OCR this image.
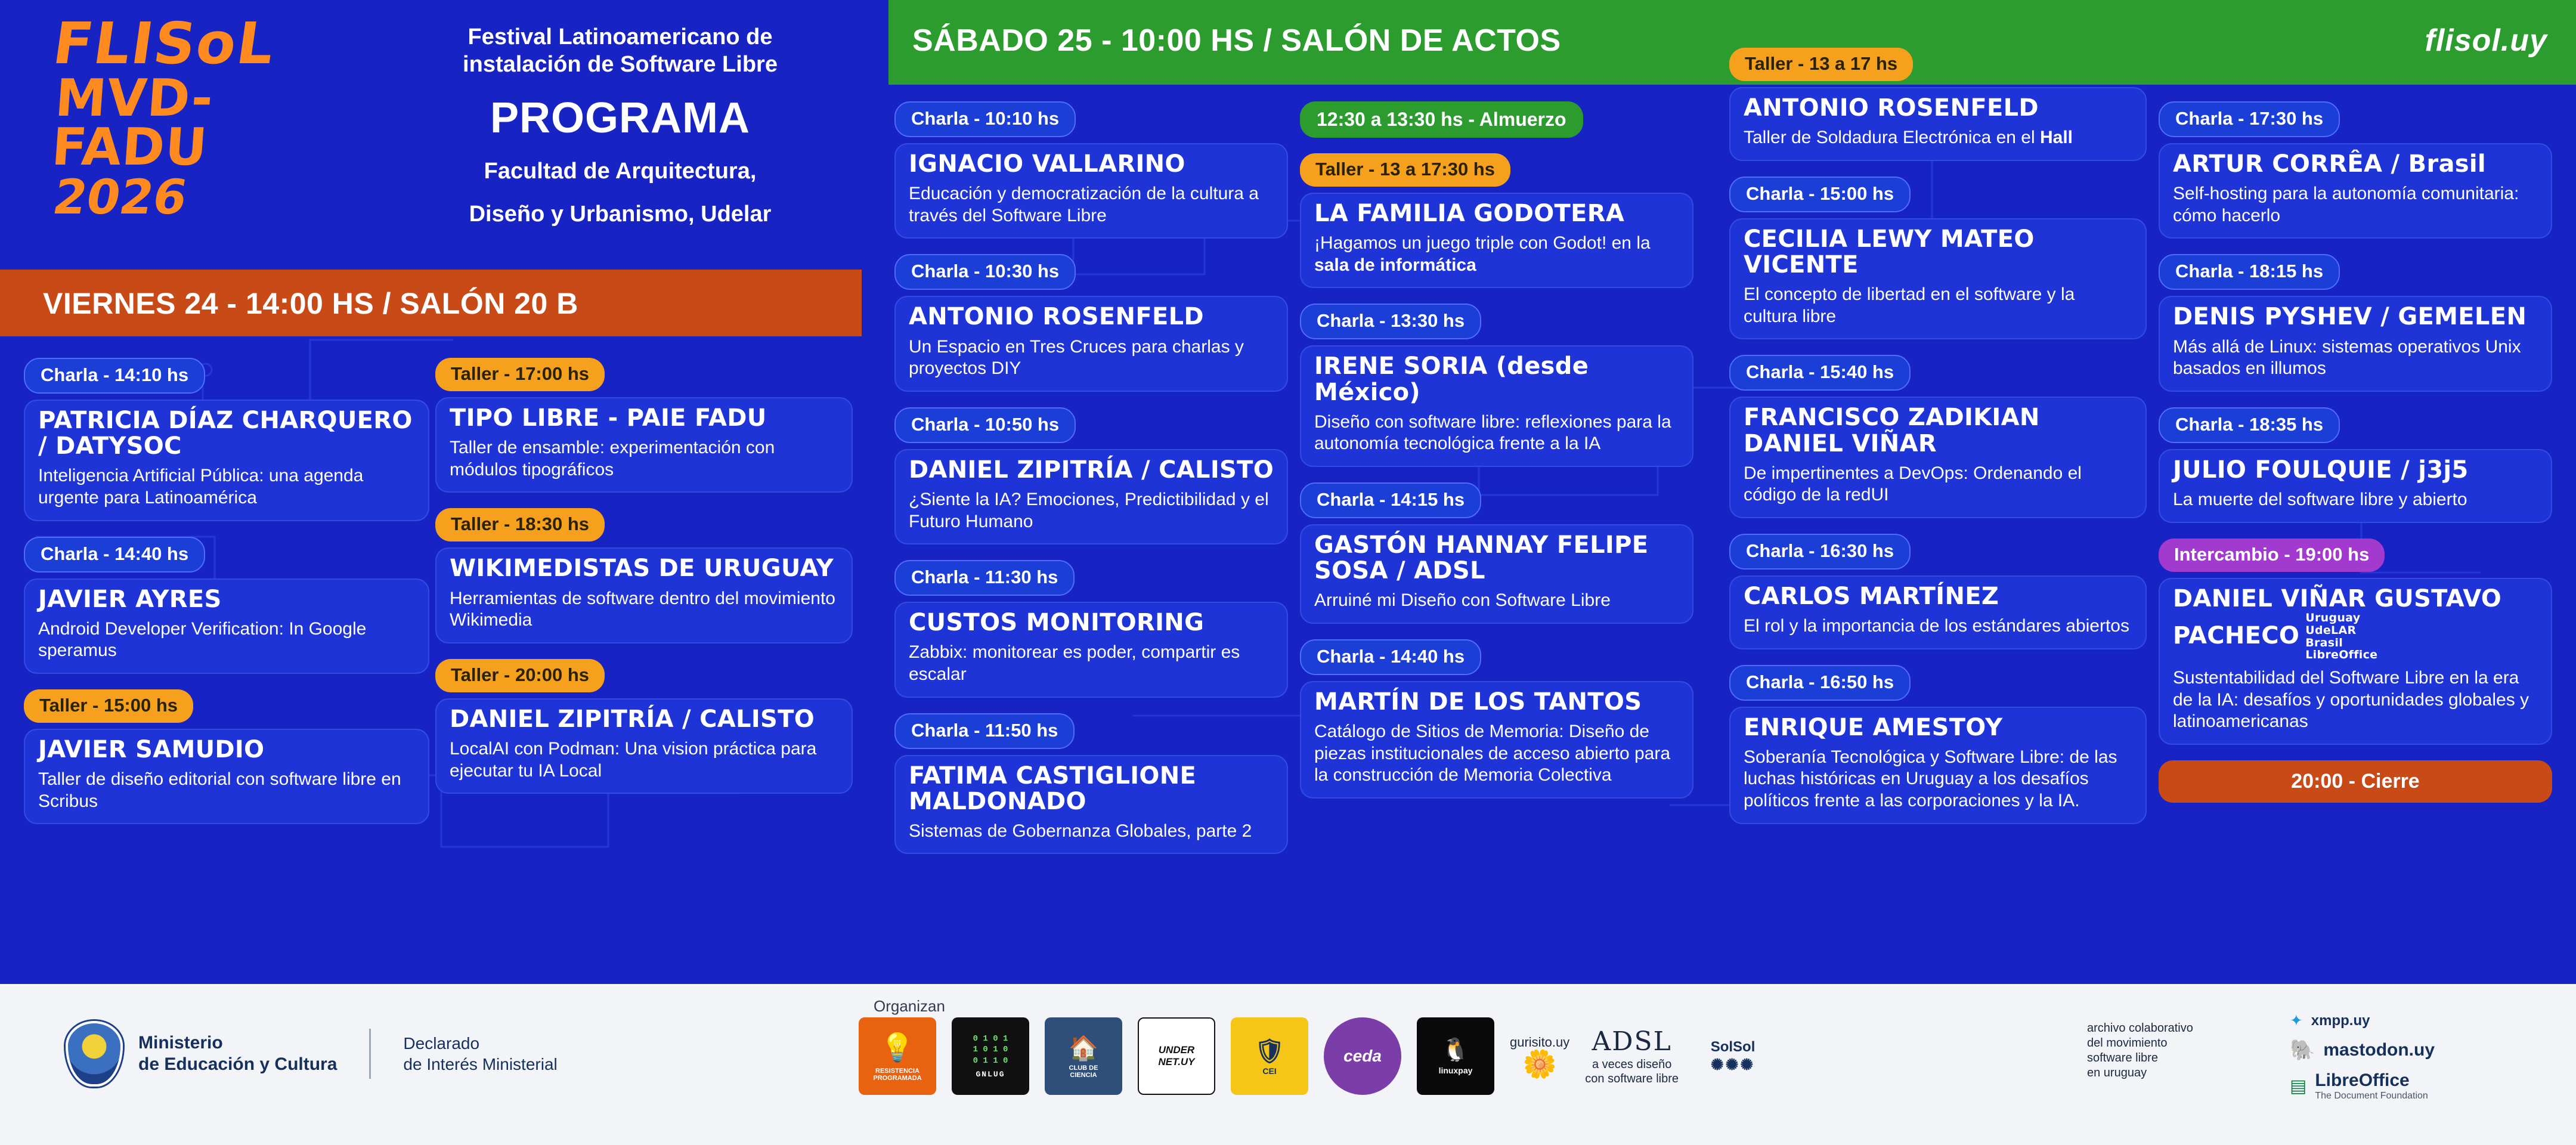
SÁBADO 25 - 10:00 HS / SALÓN DE ACTOS	flisol.uy
FLISoL
MVD-FADU
2026
Festival Latinoamericano de
instalación de Software Libre
PROGRAMA
Facultad de Arquitectura,
Diseño y Urbanismo, Udelar
VIERNES 24 - 14:00 HS / SALÓN 20 B
Charla - 14:10 hs
PATRICIA DÍAZ CHARQUERO / DATYSOC
Inteligencia Artificial Pública: una agenda urgente para Latinoamérica
Charla - 14:40 hs
JAVIER AYRES
Android Developer Verification: In Google speramus
Taller - 15:00 hs
JAVIER SAMUDIO
Taller de diseño editorial con software libre en Scribus
Taller - 17:00 hs
TIPO LIBRE - PAIE FADU
Taller de ensamble: experimentación con módulos tipográficos
Taller - 18:30 hs
WIKIMEDISTAS DE URUGUAY
Herramientas de software dentro del movimiento Wikimedia
Taller - 20:00 hs
DANIEL ZIPITRÍA / CALISTO
LocalAI con Podman: Una vision práctica para ejecutar tu IA Local
Charla - 10:10 hs
IGNACIO VALLARINO
Educación y democratización de la cultura a través del Software Libre
Charla - 10:30 hs
ANTONIO ROSENFELD
Un Espacio en Tres Cruces para charlas y proyectos DIY
Charla - 10:50 hs
DANIEL ZIPITRÍA / CALISTO
¿Siente la IA? Emociones, Predictibilidad y el Futuro Humano
Charla - 11:30 hs
CUSTOS MONITORING
Zabbix: monitorear es poder, compartir es escalar
Charla - 11:50 hs
FATIMA CASTIGLIONE MALDONADO
Sistemas de Gobernanza Globales, parte 2
12:30 a 13:30 hs - Almuerzo
Taller - 13 a 17:30 hs
LA FAMILIA GODOTERA
¡Hagamos un juego triple con Godot! en la sala de informática
Charla - 13:30 hs
IRENE SORIA (desde México)
Diseño con software libre: reflexiones para la autonomía tecnológica frente a la IA
Charla - 14:15 hs
GASTÓN HANNAY FELIPE SOSA / ADSL
Arruiné mi Diseño con Software Libre
Charla - 14:40 hs
MARTÍN DE LOS TANTOS
Catálogo de Sitios de Memoria: Diseño de piezas institucionales de acceso abierto para la construcción de Memoria Colectiva
Taller - 13 a 17 hs
ANTONIO ROSENFELD
Taller de Soldadura Electrónica en el Hall
Charla - 15:00 hs
CECILIA LEWY MATEO VICENTE
El concepto de libertad en el software y la cultura libre
Charla - 15:40 hs
FRANCISCO ZADIKIAN DANIEL VIÑAR
De impertinentes a DevOps: Ordenando el código de la redUI
Charla - 16:30 hs
CARLOS MARTÍNEZ
El rol y la importancia de los estándares abiertos
Charla - 16:50 hs
ENRIQUE AMESTOY
Soberanía Tecnológica y Software Libre: de las luchas históricas en Uruguay a los desafíos políticos frente a las corporaciones y la IA.
Charla - 17:30 hs
ARTUR CORRÊA / Brasil
Self-hosting para la autonomía comunitaria: cómo hacerlo
Charla - 18:15 hs
DENIS PYSHEV / GEMELEN
Más allá de Linux: sistemas operativos Unix basados en illumos
Charla - 18:35 hs
JULIO FOULQUIE / j3j5
La muerte del software libre y abierto
Intercambio - 19:00 hs
DANIEL VIÑAR GUSTAVO PACHECOUruguay
UdeLAR
Brasil
LibreOffice
Sustentabilidad del Software Libre en la era de la IA: desafíos y oportunidades globales y latinoamericanas
20:00 - Cierre
Ministerio
de Educación y Cultura
Declarado
de Interés Ministerial
Organizan
💡
RESISTENCIA
PROGRAMADA
0 1 0 1
1 0 1 0
0 1 1 0
GNLUG
🏠
CLUB DE
CIENCIA
UNDER
NET.UY	🛡
CEI
ceda	🐧
linuxpay
gurisito.uy
🌼
ADSL
a veces diseño
con software libre
SolSol
✺✺✺
archivo colaborativo
del movimiento
software libre
en uruguay
✦ xmpp.uy
🐘 mastodon.uy
▤ LibreOffice
The Document Foundation
